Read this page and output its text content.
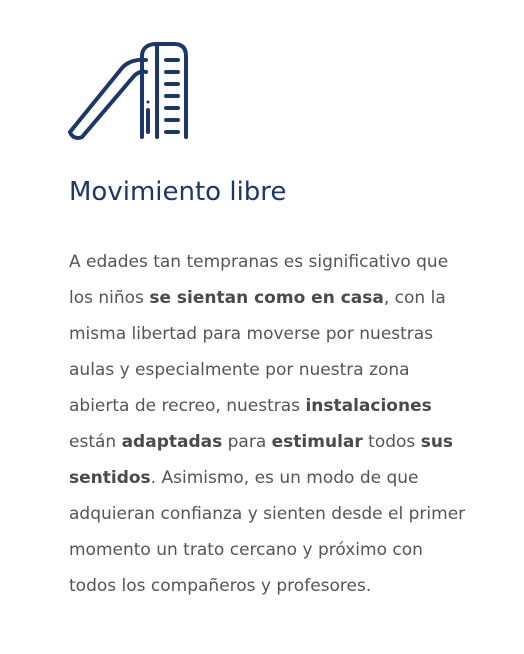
Movimiento libre

A edades tan tempranas es significativo que
los niños se sientan como en casa, con la
misma libertad para moverse por nuestras
aulas y especialmente por nuestra zona
abierta de recreo, nuestras instalaciones
están adaptadas para estimular todos sus
sentidos. Asimismo, es un modo de que
adquieran confianza y sienten desde el primer
momento un trato cercano y próximo con
todos los compañeros y profesores.
